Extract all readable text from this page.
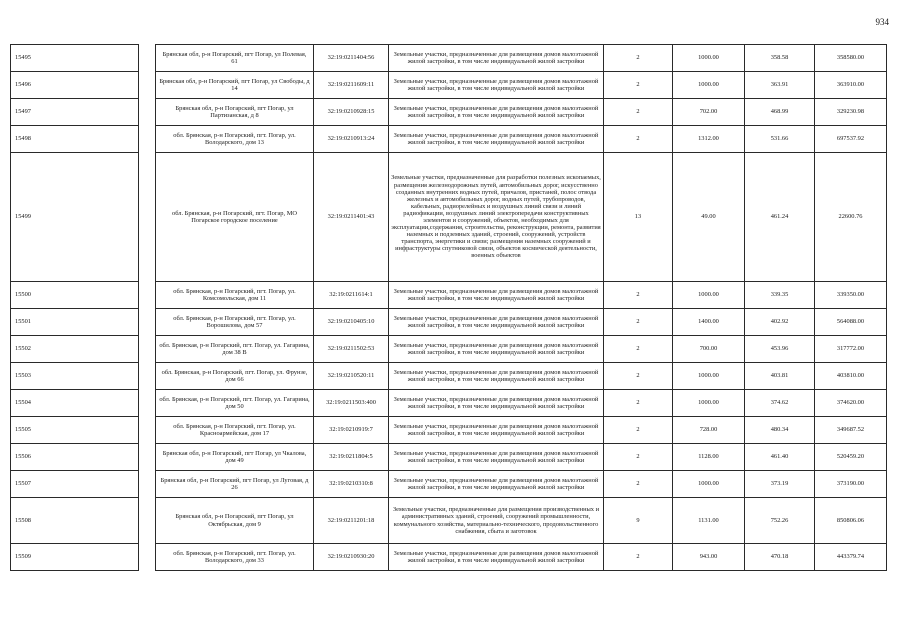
934
15495		Брянская обл, р-н Погарский, пгт Погар, ул Полевая, 61	32:19:0211404:56	Земельные участки, предназначенные для размещения домов малоэтажной жилой застройки, в том числе индивидуальной жилой застройки	2	1000.00	358.58	358580.00
15496		Брянская обл, р-н Погарский, пгт Погар, ул Свободы, д 14	32:19:0211609:11	Земельные участки, предназначенные для размещения домов малоэтажной жилой застройки, в том числе индивидуальной жилой застройки	2	1000.00	363.91	363910.00
15497		Брянская обл, р-н Погарский, пгт Погар, ул Партизанская, д 8	32:19:0210928:15	Земельные участки, предназначенные для размещения домов малоэтажной жилой застройки, в том числе индивидуальной жилой застройки	2	702.00	468.99	329230.98
15498		обл. Брянская, р-н Погарский, пгт. Погар, ул. Володарского, дом 13	32:19:0210913:24	Земельные участки, предназначенные для размещения домов малоэтажной жилой застройки, в том числе индивидуальной жилой застройки	2	1312.00	531.66	697537.92
15499		обл. Брянская, р-н Погарский, пгт. Погар, МО Погарское городское поселение	32:19:0211401:43	Земельные участки, предназначенные для разработки полезных ископаемых, размещения железнодорожных путей, автомобильных дорог, искусственно созданных внутренних водных путей, причалов, пристаней, полос отвода железных и автомобильных дорог, водных путей, трубопроводов, кабельных, радиорелейных и воздушных линий связи и линий радиофикации, воздушных линий электропередачи конструктивных элементов и сооружений, объектов, необходимых для эксплуатации,содержания, строительства, реконструкции, ремонта, развития наземных и подземных зданий, строений, сооружений, устройств транспорта, энергетики и связи; размещения наземных сооружений и инфраструктуры спутниковой связи, объектов космической деятельности, военных объектов	13	49.00	461.24	22600.76
15500		обл. Брянская, р-н Погарский, пгт. Погар, ул. Комсомольская, дом 11	32:19:0211614:1	Земельные участки, предназначенные для размещения домов малоэтажной жилой застройки, в том числе индивидуальной жилой застройки	2	1000.00	339.35	339350.00
15501		обл. Брянская, р-н Погарский, пгт. Погар, ул. Ворошилова, дом 57	32:19:0210405:10	Земельные участки, предназначенные для размещения домов малоэтажной жилой застройки, в том числе индивидуальной жилой застройки	2	1400.00	402.92	564088.00
15502		обл. Брянская, р-н Погарский, пгт. Погар, ул. Гагарина, дом 38 В	32:19:0211502:53	Земельные участки, предназначенные для размещения домов малоэтажной жилой застройки, в том числе индивидуальной жилой застройки	2	700.00	453.96	317772.00
15503		обл. Брянская, р-н Погарский, пгт. Погар, ул. Фрунзе, дом 66	32:19:0210520:11	Земельные участки, предназначенные для размещения домов малоэтажной жилой застройки, в том числе индивидуальной жилой застройки	2	1000.00	403.81	403810.00
15504		обл. Брянская, р-н Погарский, пгт. Погар, ул. Гагарина, дом 50	32:19:0211503:400	Земельные участки, предназначенные для размещения домов малоэтажной жилой застройки, в том числе индивидуальной жилой застройки	2	1000.00	374.62	374620.00
15505		обл. Брянская, р-н Погарский, пгт. Погар, ул. Красноармейская, дом 17	32:19:0210919:7	Земельные участки, предназначенные для размещения домов малоэтажной жилой застройки, в том числе индивидуальной жилой застройки	2	728.00	480.34	349687.52
15506		Брянская обл, р-н Погарский, пгт Погар, ул Чкалова, дом 49	32:19:0211804:5	Земельные участки, предназначенные для размещения домов малоэтажной жилой застройки, в том числе индивидуальной жилой застройки	2	1128.00	461.40	520459.20
15507		Брянская обл, р-н Погарский, пгт Погар, ул Луговая, д 26	32:19:0210310:8	Земельные участки, предназначенные для размещения домов малоэтажной жилой застройки, в том числе индивидуальной жилой застройки	2	1000.00	373.19	373190.00
15508		Брянская обл, р-н Погарский, пгт Погар, ул Октябрьская, дом 9	32:19:0211201:18	Земельные участки, предназначенные для размещения производственных и административных зданий, строений, сооружений промышленности, коммунального хозяйства, материально-технического, продовольственного снабжения, сбыта и заготовок	9	1131.00	752.26	850806.06
15509		обл. Брянская, р-н Погарский, пгт. Погар, ул. Володарского, дом 33	32:19:0210930:20	Земельные участки, предназначенные для размещения домов малоэтажной жилой застройки, в том числе индивидуальной жилой застройки	2	943.00	470.18	443379.74
